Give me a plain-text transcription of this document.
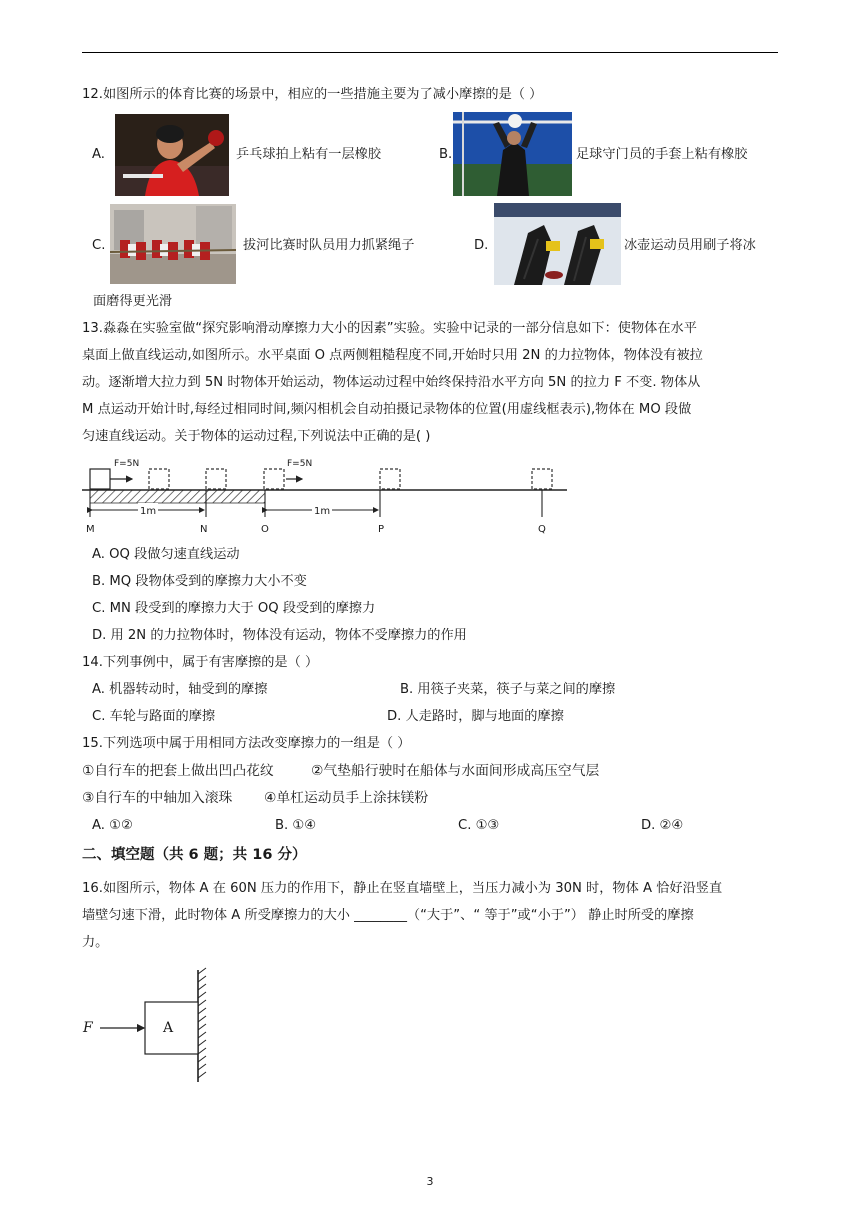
12.如图所示的体育比赛的场景中，相应的一些措施主要为了减小摩擦的是（ ）
A.	乒乓球拍上粘有一层橡胶	B.	足球守门员的手套上粘有橡胶
C.	拔河比赛时队员用力抓紧绳子	D.	冰壶运动员用刷子将冰
面磨得更光滑
13.淼淼在实验室做“探究影响滑动摩擦力大小的因素”实验。实验中记录的一部分信息如下：使物体在水平
桌面上做直线运动,如图所示。水平桌面 O 点两侧粗糙程度不同,开始时只用 2N 的力拉物体，物体没有被拉
动。逐渐增大拉力到 5N 时物体开始运动，物体运动过程中始终保持沿水平方向 5N 的拉力 F 不变. 物体从
M 点运动开始计时,每经过相同时间,频闪相机会自动拍摄记录物体的位置(用虚线框表示),物体在 MO 段做
匀速直线运动。关于物体的运动过程,下列说法中正确的是( )
F=5N	F=5N
1m	1m
M	N	O	P	Q
A. OQ 段做匀速直线运动
B. MQ 段物体受到的摩擦力大小不变
C. MN 段受到的摩擦力大于 OQ 段受到的摩擦力
D. 用 2N 的力拉物体时，物体没有运动，物体不受摩擦力的作用
14.下列事例中，属于有害摩擦的是（ ）
A. 机器转动时，轴受到的摩擦	B. 用筷子夹菜，筷子与菜之间的摩擦
C. 车轮与路面的摩擦	D. 人走路时，脚与地面的摩擦
15.下列选项中属于用相同方法改变摩擦力的一组是（ ）
①自行车的把套上做出凹凸花纹	②气垫船行驶时在船体与水面间形成高压空气层
③自行车的中轴加入滚珠 ④单杠运动员手上涂抹镁粉
A. ①②	B. ①④	C. ①③	D. ②④
二、填空题（共 6 题；共 16 分）
16.如图所示，物体 A 在 60N 压力的作用下，静止在竖直墙壁上，当压力减小为 30N 时，物体 A 恰好沿竖直
墙壁匀速下滑，此时物体 A 所受摩擦力的大小 ________（“大于”、“ 等于”或“小于”） 静止时所受的摩擦
力。
F	A
3
